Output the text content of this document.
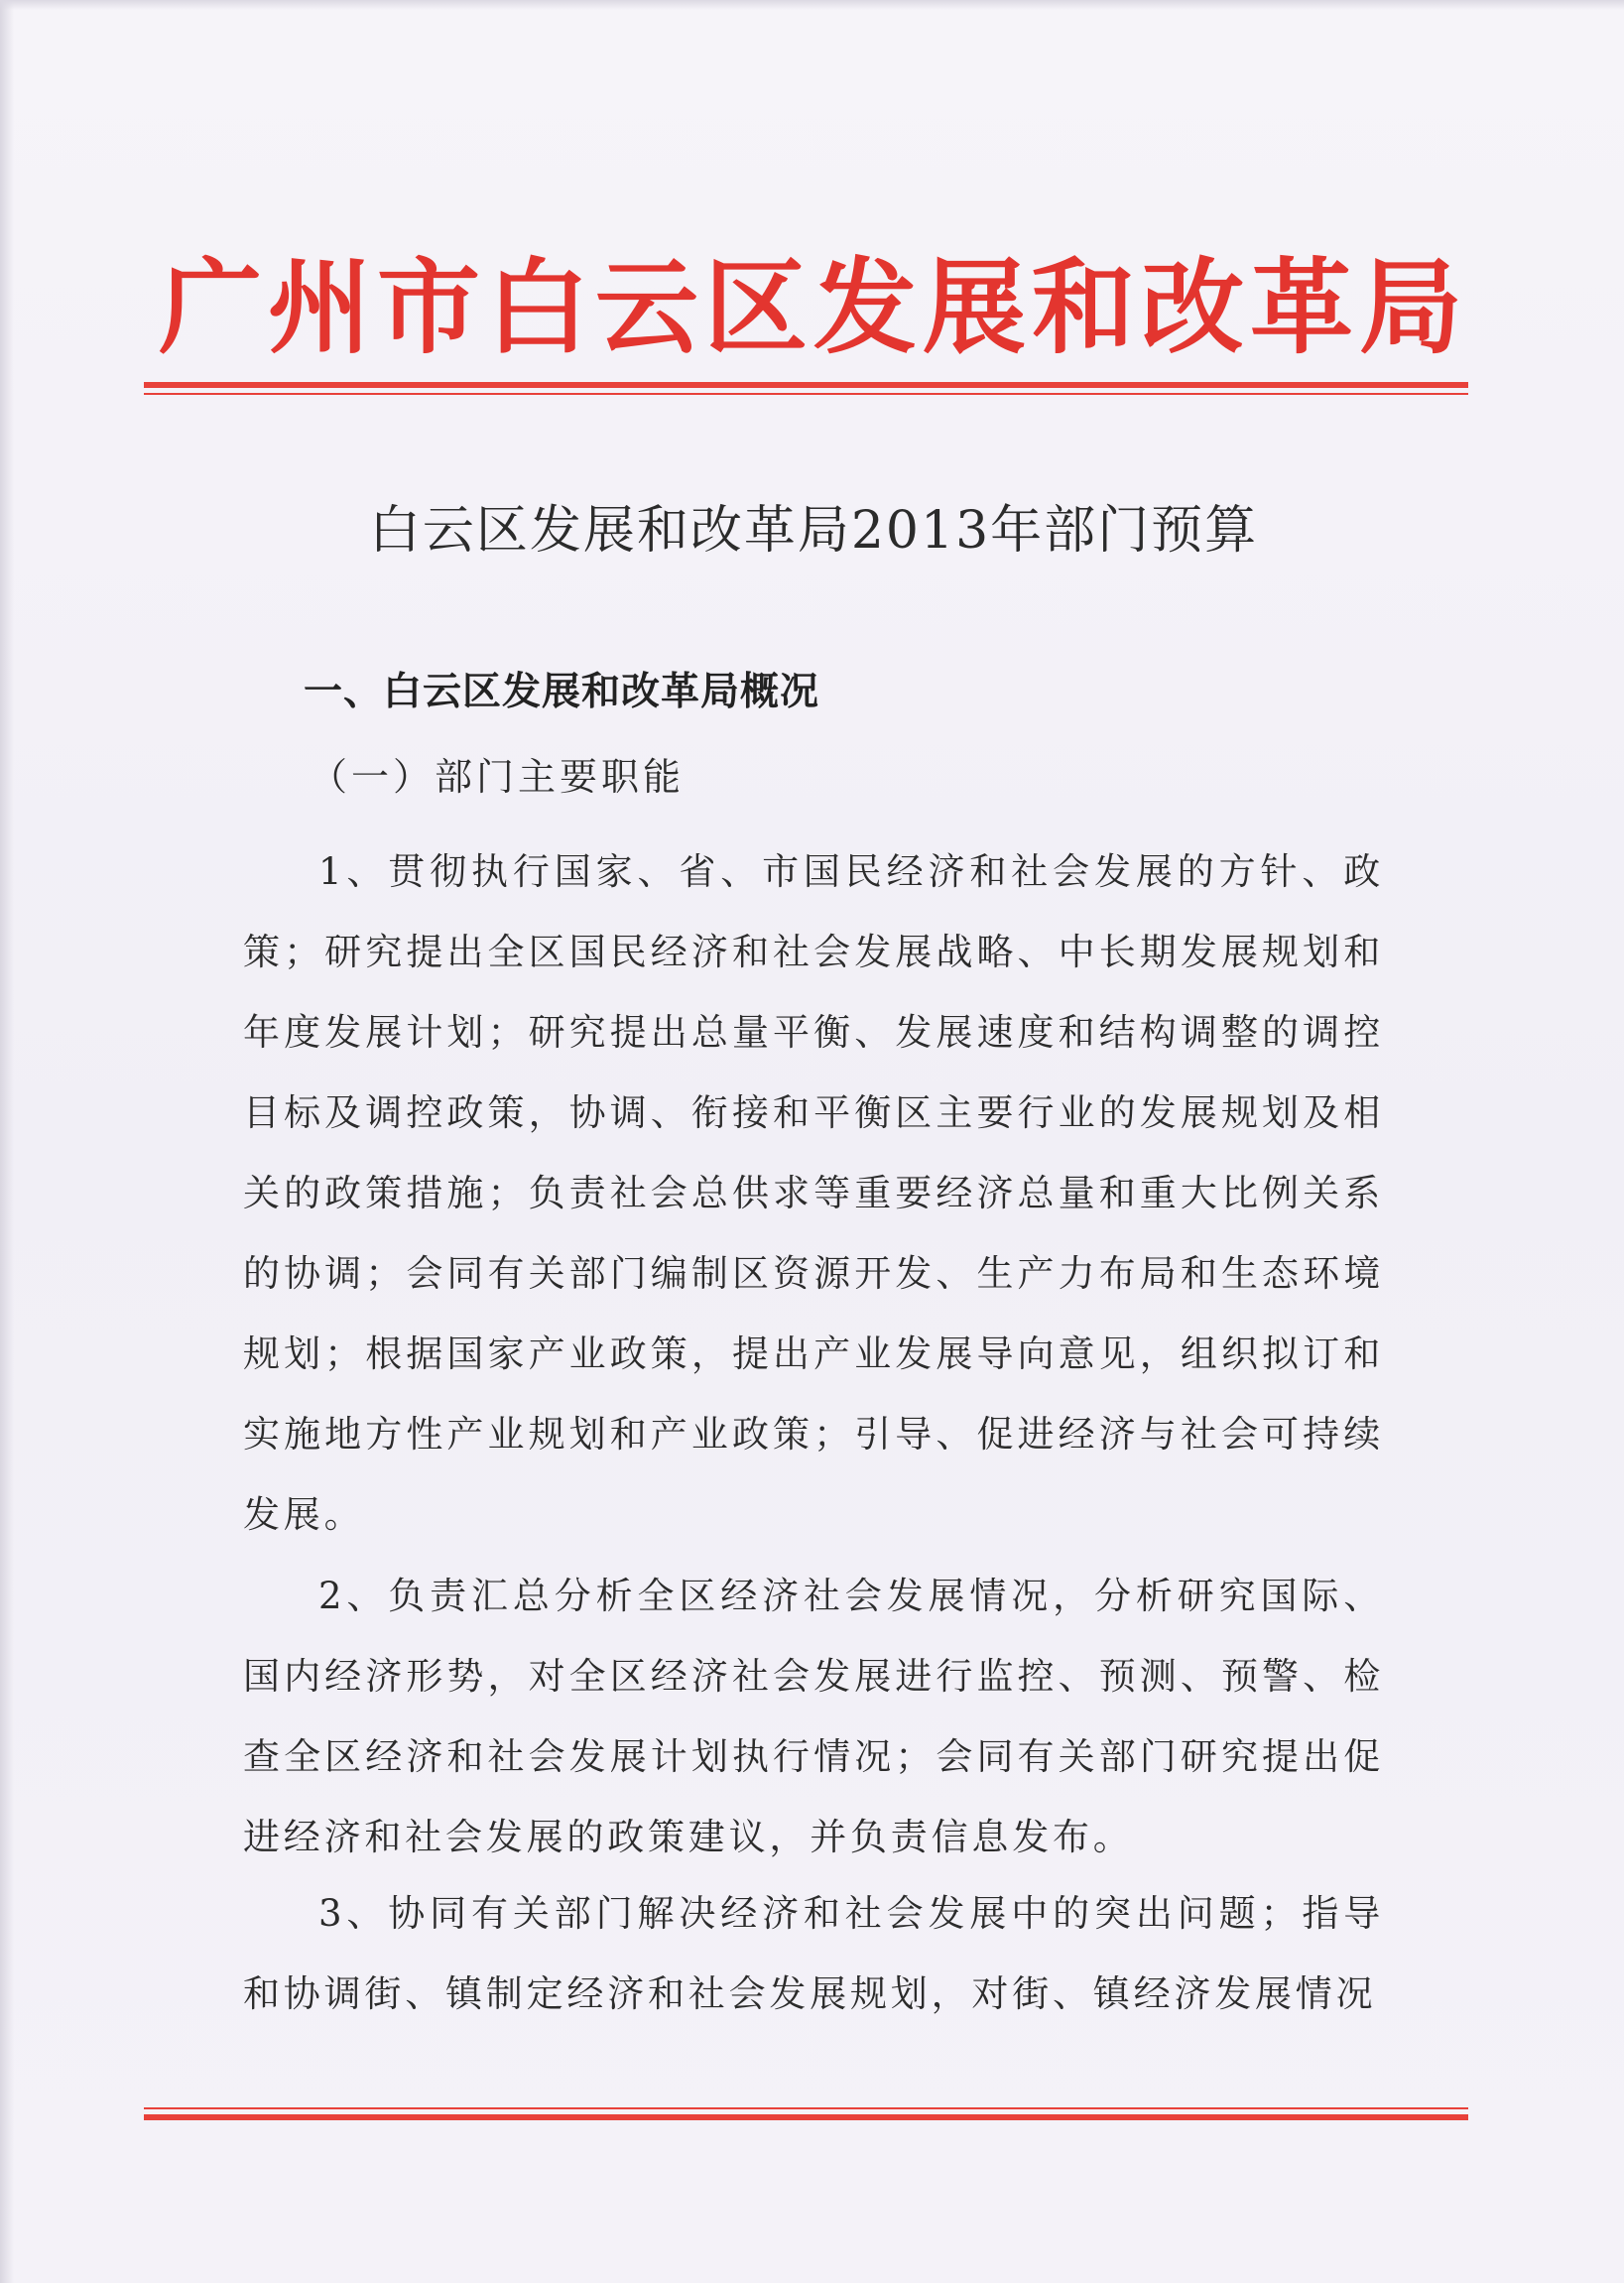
广州市白云区发展和改革局
白云区发展和改革局2013年部门预算
一、白云区发展和改革局概况
（一）部门主要职能
1、贯彻执行国家、省、市国民经济和社会发展的方针、政策；研究提出全区国民经济和社会发展战略、中长期发展规划和年度发展计划；研究提出总量平衡、发展速度和结构调整的调控目标及调控政策，协调、衔接和平衡区主要行业的发展规划及相关的政策措施；负责社会总供求等重要经济总量和重大比例关系的协调；会同有关部门编制区资源开发、生产力布局和生态环境规划；根据国家产业政策，提出产业发展导向意见，组织拟订和实施地方性产业规划和产业政策；引导、促进经济与社会可持续发展。
2、负责汇总分析全区经济社会发展情况，分析研究国际、国内经济形势，对全区经济社会发展进行监控、预测、预警、检查全区经济和社会发展计划执行情况；会同有关部门研究提出促进经济和社会发展的政策建议，并负责信息发布。
3、协同有关部门解决经济和社会发展中的突出问题；指导和协调街、镇制定经济和社会发展规划，对街、镇经济发展情况
